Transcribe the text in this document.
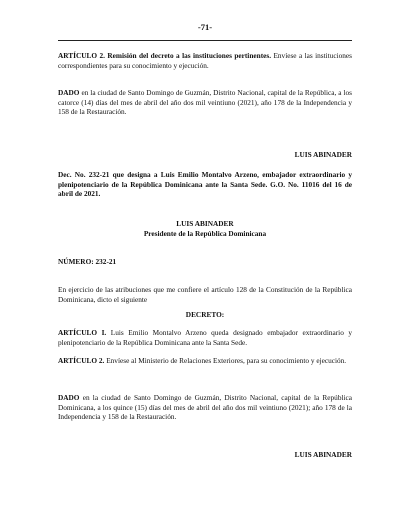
-71-

ARTÍCULO 2. Remisión del decreto a las instituciones pertinentes. Envíese a las instituciones correspondientes para su conocimiento y ejecución.

DADO en la ciudad de Santo Domingo de Guzmán, Distrito Nacional, capital de la República, a los catorce (14) días del mes de abril del año dos mil veintiuno (2021), año 178 de la Independencia y 158 de la Restauración.

LUIS ABINADER

Dec. No. 232-21 que designa a Luis Emilio Montalvo Arzeno, embajador extraordinario y plenipotenciario de la República Dominicana ante la Santa Sede. G.O. No. 11016 del 16 de abril de 2021.

LUIS ABINADER

Presidente de la República Dominicana

NÚMERO: 232-21

En ejercicio de las atribuciones que me confiere el artículo 128 de la Constitución de la República Dominicana, dicto el siguiente

DECRETO:

ARTÍCULO I. Luis Emilio Montalvo Arzeno queda designado embajador extraordinario y plenipotenciario de la República Dominicana ante la Santa Sede.

ARTÍCULO 2. Envíese al Ministerio de Relaciones Exteriores, para su conocimiento y ejecución.

DADO en la ciudad de Santo Domingo de Guzmán, Distrito Nacional, capital de la República Dominicana, a los quince (15) días del mes de abril del año dos mil veintiuno (2021); año 178 de la Independencia y 158 de la Restauración.

LUIS ABINADER
